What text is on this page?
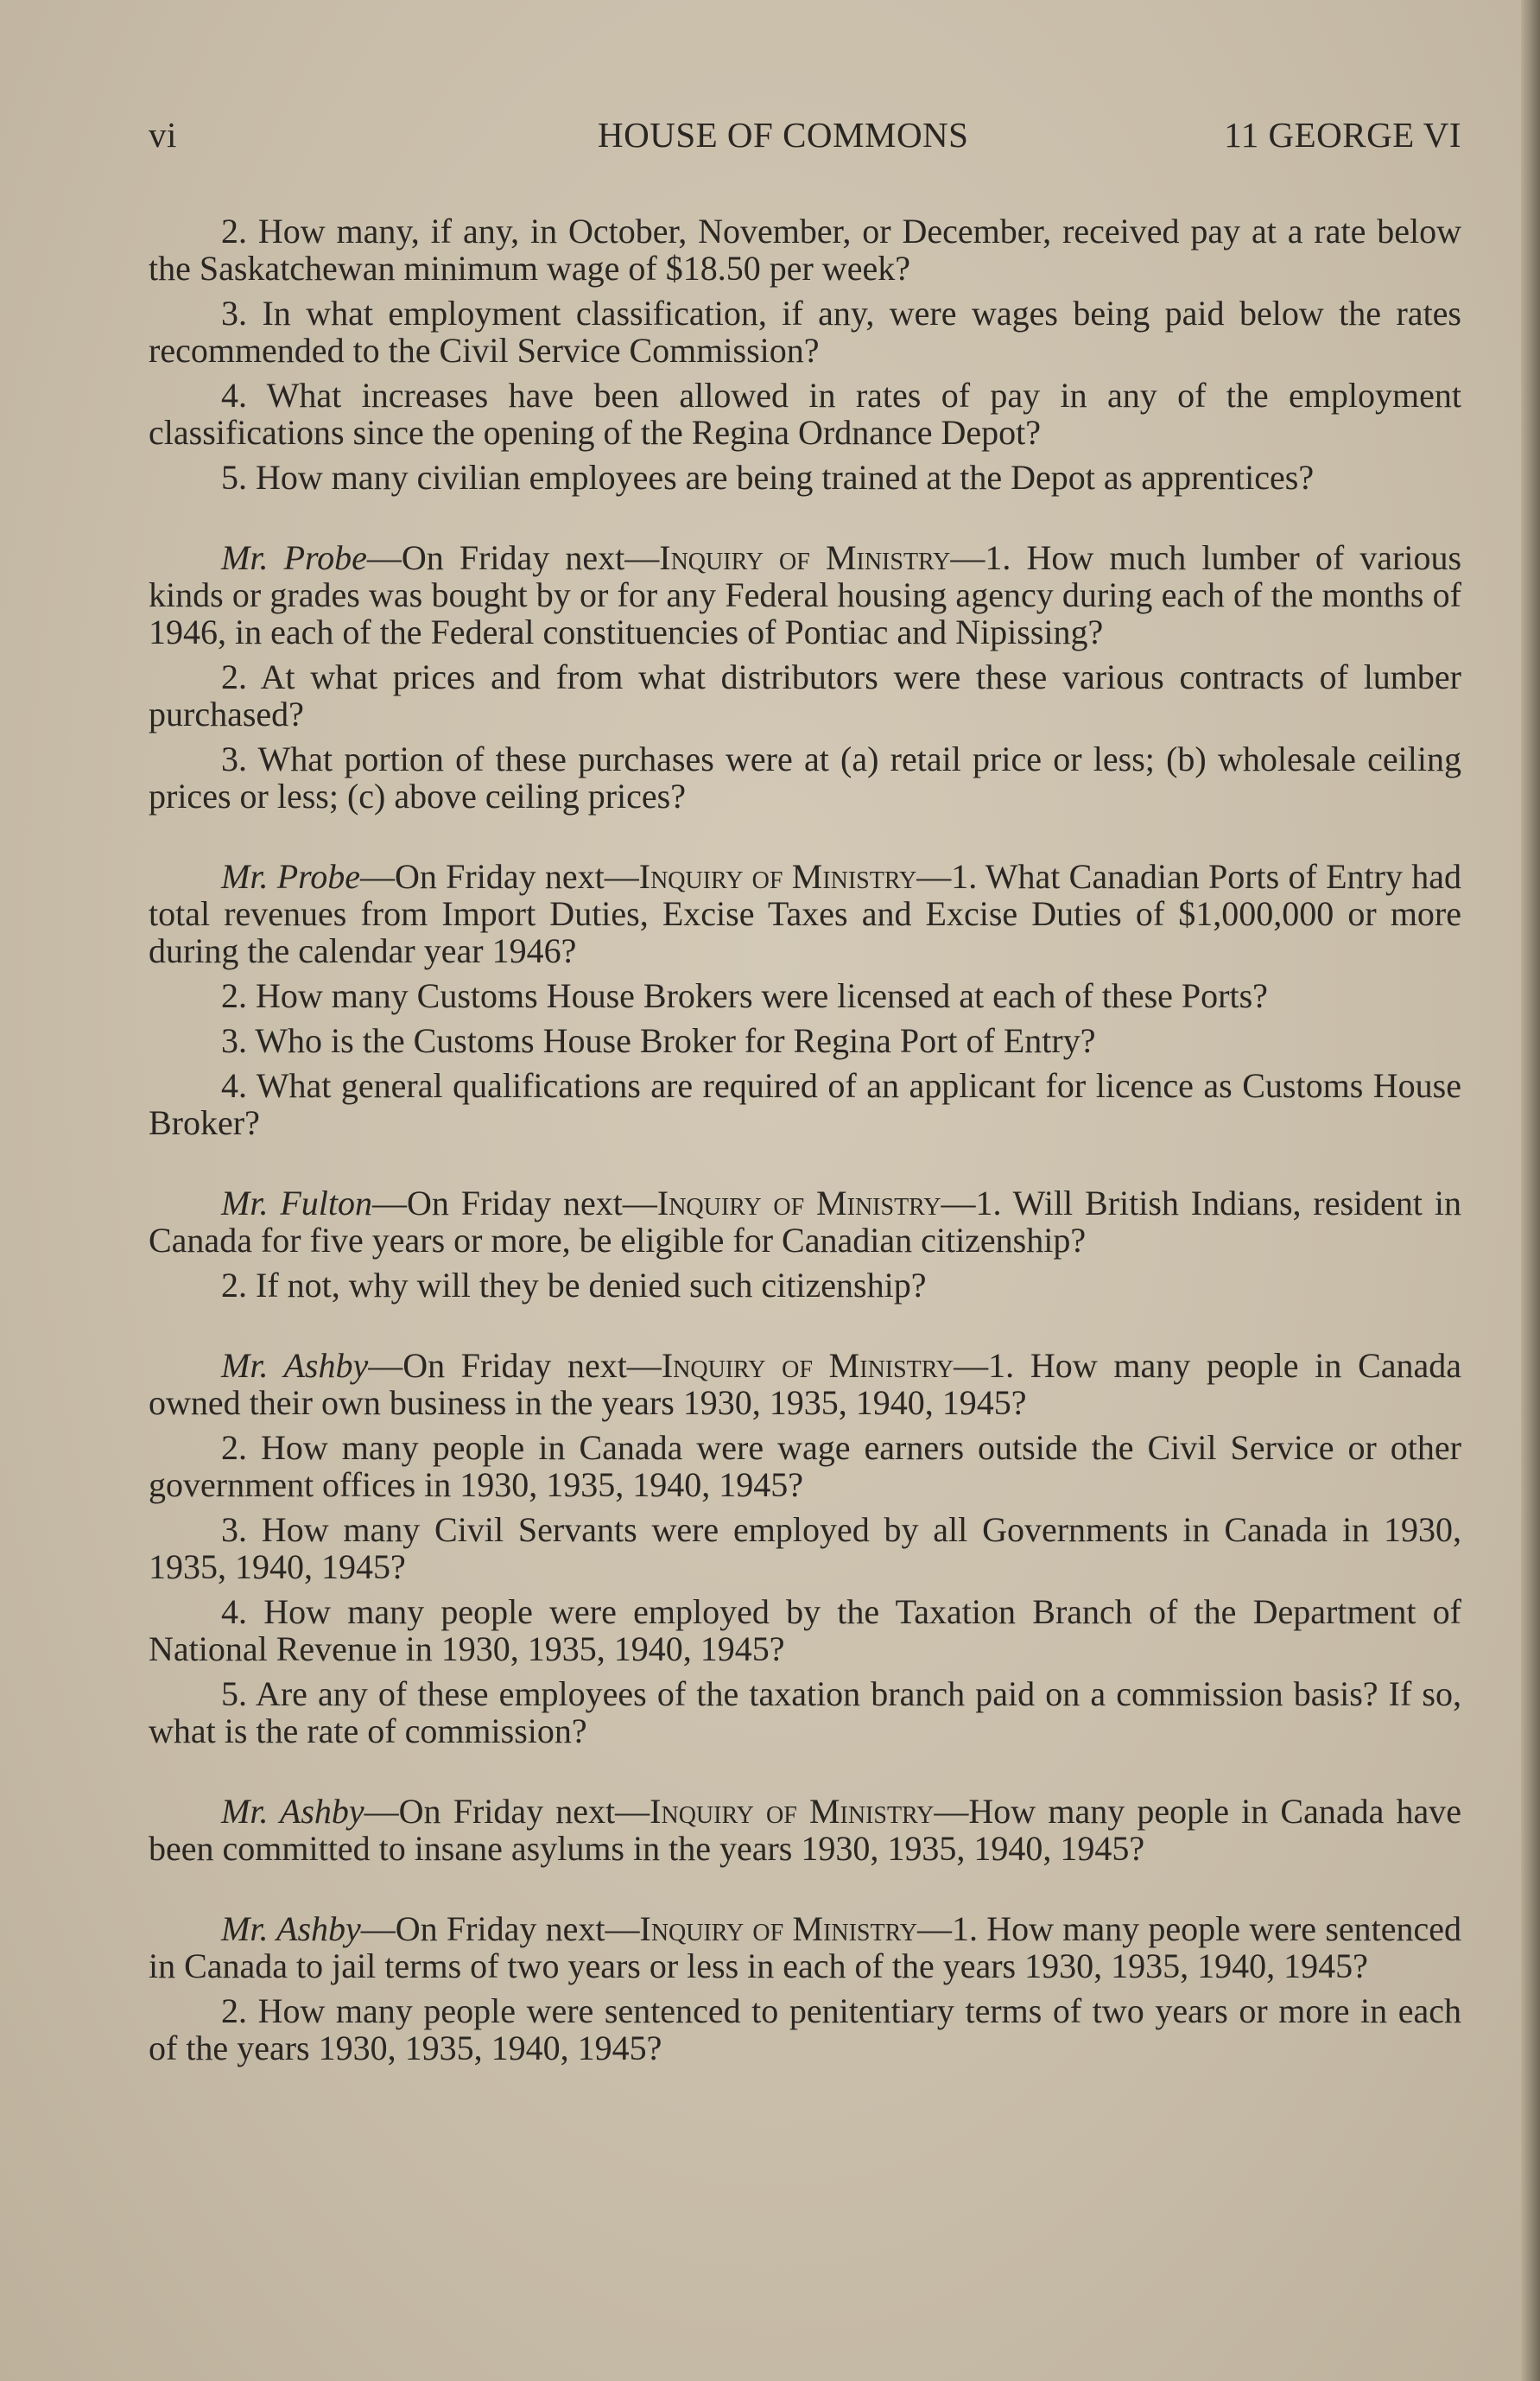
vi	HOUSE OF COMMONS	11 GEORGE VI

2. How many, if any, in October, November, or December, received pay at a rate below the Saskatchewan minimum wage of $18.50 per week?

3. In what employment classification, if any, were wages being paid below the rates recommended to the Civil Service Commission?

4. What increases have been allowed in rates of pay in any of the employment classifications since the opening of the Regina Ordnance Depot?

5. How many civilian employees are being trained at the Depot as apprentices?

Mr. Probe—On Friday next—Inquiry of Ministry—1. How much lumber of various kinds or grades was bought by or for any Federal housing agency during each of the months of 1946, in each of the Federal constituencies of Pontiac and Nipissing?

2. At what prices and from what distributors were these various contracts of lumber purchased?

3. What portion of these purchases were at (a) retail price or less; (b) wholesale ceiling prices or less; (c) above ceiling prices?

Mr. Probe—On Friday next—Inquiry of Ministry—1. What Canadian Ports of Entry had total revenues from Import Duties, Excise Taxes and Excise Duties of $1,000,000 or more during the calendar year 1946?

2. How many Customs House Brokers were licensed at each of these Ports?

3. Who is the Customs House Broker for Regina Port of Entry?

4. What general qualifications are required of an applicant for licence as Customs House Broker?

Mr. Fulton—On Friday next—Inquiry of Ministry—1. Will British Indians, resident in Canada for five years or more, be eligible for Canadian citizenship?

2. If not, why will they be denied such citizenship?

Mr. Ashby—On Friday next—Inquiry of Ministry—1. How many people in Canada owned their own business in the years 1930, 1935, 1940, 1945?

2. How many people in Canada were wage earners outside the Civil Service or other government offices in 1930, 1935, 1940, 1945?

3. How many Civil Servants were employed by all Governments in Canada in 1930, 1935, 1940, 1945?

4. How many people were employed by the Taxation Branch of the Department of National Revenue in 1930, 1935, 1940, 1945?

5. Are any of these employees of the taxation branch paid on a commission basis? If so, what is the rate of commission?

Mr. Ashby—On Friday next—Inquiry of Ministry—How many people in Canada have been committed to insane asylums in the years 1930, 1935, 1940, 1945?

Mr. Ashby—On Friday next—Inquiry of Ministry—1. How many people were sentenced in Canada to jail terms of two years or less in each of the years 1930, 1935, 1940, 1945?

2. How many people were sentenced to penitentiary terms of two years or more in each of the years 1930, 1935, 1940, 1945?
